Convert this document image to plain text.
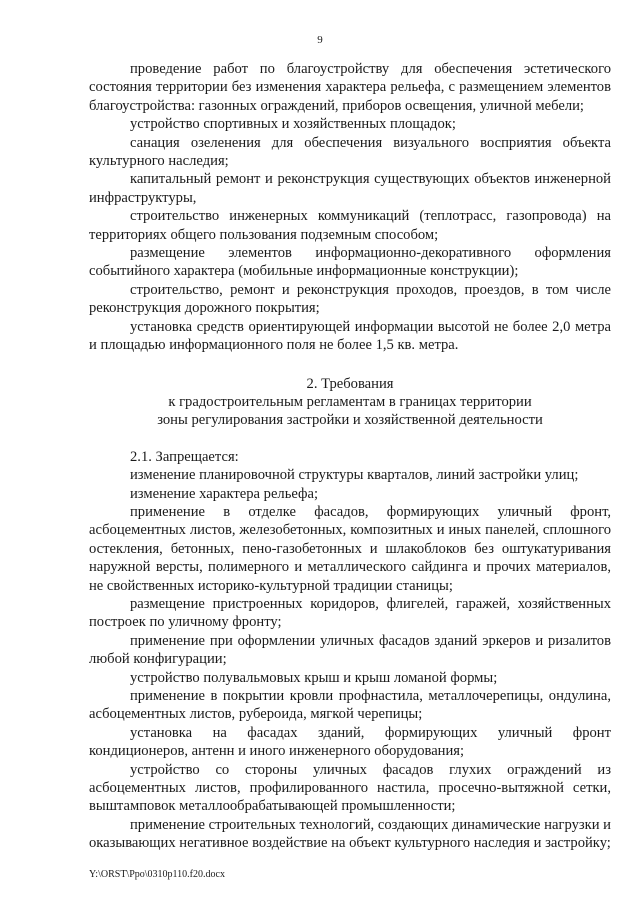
9

проведение работ по благоустройству для обеспечения эстетического состояния территории без изменения характера рельефа, с размещением элементов благоустройства: газонных ограждений, приборов освещения, уличной мебели;

устройство спортивных и хозяйственных площадок;

санация озеленения для обеспечения визуального восприятия объекта культурного наследия;

капитальный ремонт и реконструкция существующих объектов инженерной инфраструктуры,

строительство инженерных коммуникаций (теплотрасс, газопровода) на территориях общего пользования подземным способом;

размещение элементов информационно-декоративного оформления событийного характера (мобильные информационные конструкции);

строительство, ремонт и реконструкция проходов, проездов, в том числе реконструкция дорожного покрытия;

установка средств ориентирующей информации высотой не более 2,0 метра и площадью информационного поля не более 1,5 кв. метра.

2. Требования

к градостроительным регламентам в границах территории

зоны регулирования застройки и хозяйственной деятельности

2.1. Запрещается:

изменение планировочной структуры кварталов, линий застройки улиц;

изменение характера рельефа;

применение в отделке фасадов, формирующих уличный фронт, асбоцементных листов, железобетонных, композитных и иных панелей, сплошного остекления, бетонных, пено-газобетонных и шлакоблоков без оштукатуривания наружной версты, полимерного и металлического сайдинга и прочих материалов, не свойственных историко-культурной традиции станицы;

размещение пристроенных коридоров, флигелей, гаражей, хозяйственных построек по уличному фронту;

применение при оформлении уличных фасадов зданий эркеров и ризалитов любой конфигурации;

устройство полувальмовых крыш и крыш ломаной формы;

применение в покрытии кровли профнастила, металлочерепицы, ондулина, асбоцементных листов, рубероида, мягкой черепицы;

установка на фасадах зданий, формирующих уличный фронт кондиционеров, антенн и иного инженерного оборудования;

устройство со стороны уличных фасадов глухих ограждений из асбоцементных листов, профилированного настила, просечно-вытяжной сетки, выштамповок металлообрабатывающей промышленности;

применение строительных технологий, создающих динамические нагрузки и оказывающих негативное воздействие на объект культурного наследия и застройку;

Y:\ORST\Ppo\0310p110.f20.docx
